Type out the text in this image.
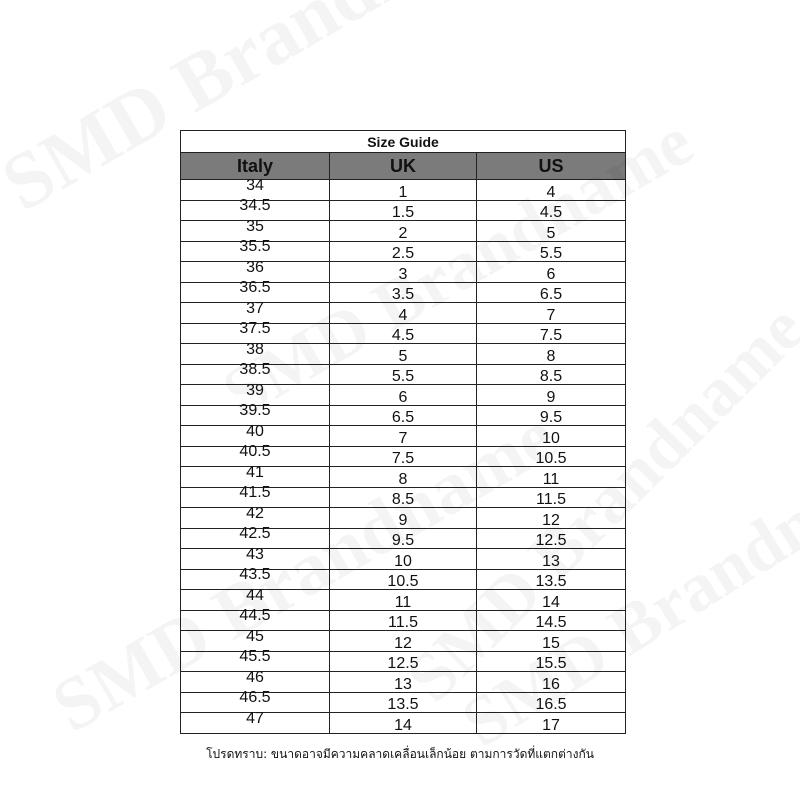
Size Guide		
Italy	UK	US
34	1	4
34.5	1.5	4.5
35	2	5
35.5	2.5	5.5
36	3	6
36.5	3.5	6.5
37	4	7
37.5	4.5	7.5
38	5	8
38.5	5.5	8.5
39	6	9
39.5	6.5	9.5
40	7	10
40.5	7.5	10.5
41	8	11
41.5	8.5	11.5
42	9	12
42.5	9.5	12.5
43	10	13
43.5	10.5	13.5
44	11	14
44.5	11.5	14.5
45	12	15
45.5	12.5	15.5
46	13	16
46.5	13.5	16.5
47	14	17
โปรดทราบ: ขนาดอาจมีความคลาดเคลื่อนเล็กน้อย ตามการวัดที่แตกต่างกัน
